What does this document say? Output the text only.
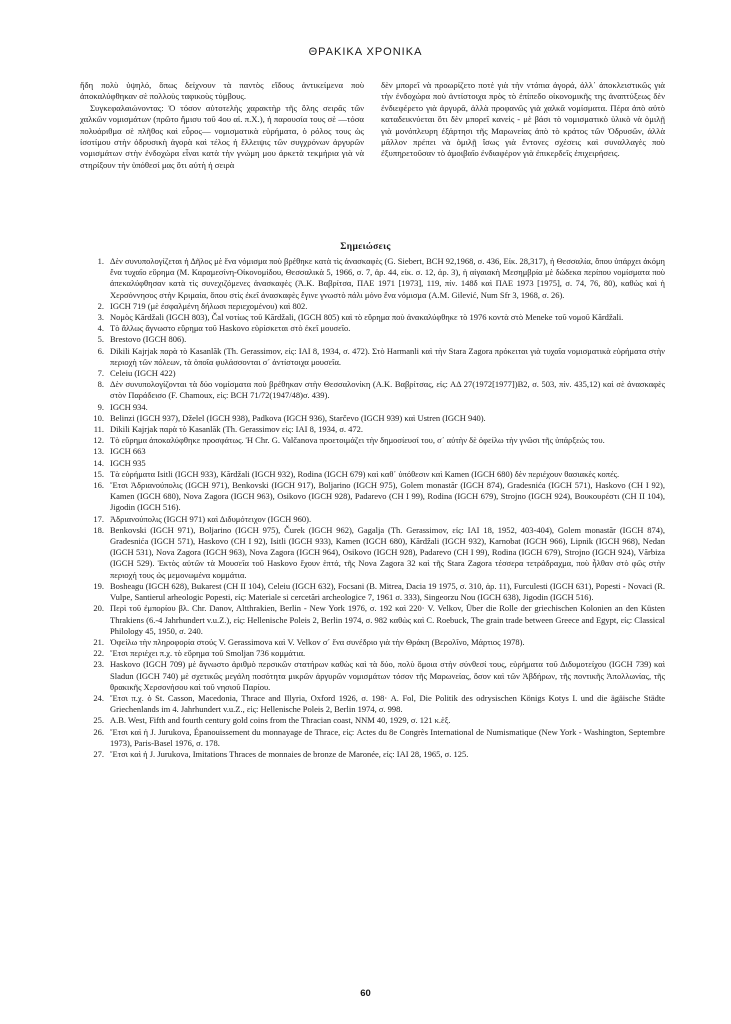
ΘΡΑΚΙΚΑ ΧΡΟΝΙΚΑ

ἤδη πολὺ ὑψηλό, ὅπως δείχνουν τὰ παντὸς εἴδους ἀντικείμενα ποὺ ἀποκαλύφθηκαν σὲ πολλοὺς ταφικοὺς τύμβους.

Συγκεφαλαιώνοντας: Ὁ τόσον αὐτοτελὴς χαρακτὴρ τῆς ὅλης σειρᾶς τῶν χαλκῶν νομισμάτων (πρῶτο ἥμισυ τοῦ 4ου αἰ. π.Χ.), ἡ παρουσία τους σὲ —τόσα πολυάριθμα σὲ πλῆθος καὶ εὖρος— νομισματικὰ εὑρήματα, ὁ ρόλος τους ὡς ἰσοτίμου στὴν ὀδρυσικὴ ἀγορὰ καὶ τέλος ἡ ἔλλειψις τῶν συγχρόνων ἀργυρῶν νομισμάτων στὴν ἐνδοχώρα εἶναι κατὰ τὴν γνώμη μου ἀρκετὰ τεκμήρια γιὰ νὰ στηρίξουν τὴν ὑπόθεσί μας ὅτι αὐτὴ ἡ σειρὰ

δὲν μπορεῖ νὰ προωρίζετο ποτὲ γιὰ τὴν ντόπια ἀγορά, ἀλλ᾽ ἀποκλειστικῶς γιὰ τὴν ἐνδοχώρα ποὺ ἀντίστοιχα πρὸς τὸ ἐπίπεδο οἰκονομικῆς της ἀναπτύξεως δὲν ἐνδιεφέρετο γιὰ ἀργυρᾶ, ἀλλὰ προφανῶς γιὰ χαλκᾶ νομίσματα. Πέρα ἀπὸ αὐτὸ καταδεικνύεται ὅτι δὲν μπορεῖ κανεὶς - μὲ βάσι τὸ νομισματικὸ ὑλικὸ νὰ ὁμιλῇ γιὰ μονόπλευρη ἐξάρτησι τῆς Μαρωνείας ἀπὸ τὸ κράτος τῶν Ὀδρυσῶν, ἀλλὰ μᾶλλον πρέπει νὰ ὁμιλῇ ἴσως γιὰ ἔντονες σχέσεις καὶ συναλλαγὲς ποὺ ἐξυπηρετοῦσαν τὸ ἀμοιβαῖο ἐνδιαφέρον γιὰ ἐπικερδεῖς ἐπιχειρήσεις.

Σημειώσεις
1. Δὲν συνυπολογίζεται ἡ Δῆλος μὲ ἕνα νόμισμα ποὺ βρέθηκε κατὰ τὶς ἀνασκαφὲς (G. Siebert, BCH 92,1968, σ. 436, Εἰκ. 28,317), ἡ Θεσσαλία, ὅπου ὑπάρχει ἀκόμη ἕνα τυχαῖο εὕρημα (Μ. Καραμεσίνη-Οἰκονομίδου, Θεσσαλικὰ 5, 1966, σ. 7, ἀρ. 44, εἰκ. σ. 12, ἀρ. 3), ἡ αἰγαιακὴ Μεσημβρία μὲ δώδεκα περίπου νομίσματα ποὺ ἀπεκαλύφθησαν κατὰ τὶς συνεχιζόμενες ἀνασκαφὲς (Ἀ.Κ. Βαβρίτσα, ΠΑΕ 1971 [1973], 119, πίν. 148δ καὶ ΠΑΕ 1973 [1975], σ. 74, 76, 80), καθὼς καὶ ἡ Χερσόννησος στὴν Κριμαία, ὅπου στὶς ἐκεῖ ἀνασκαφὲς ἔγινε γνωστὸ πάλι μόνο ἕνα νόμισμα (A.M. Gilević, Num Sfr 3, 1968, σ. 26).
2. IGCH 719 (μὲ ἐσφαλμένη δήλωσι περιεχομένου) καὶ 802.
3. Νομὸς Kărdžali (IGCH 803), Čal νοτίως τοῦ Kărdžali, (IGCH 805) καὶ τὸ εὕρημα ποὺ ἀνακαλύφθηκε τὸ 1976 κοντὰ στὸ Meneke τοῦ νομοῦ Kărdžali.
4. Τὸ ἄλλως ἄγνωστο εὕρημα τοῦ Haskovo εὑρίσκεται στὸ ἐκεῖ μουσεῖο.
5. Brestovo (IGCH 806).
6. Dikili Kajrjak παρὰ τὸ Kasanlăk (Th. Gerassimov, εἰς: IAI 8, 1934, σ. 472). Στὸ Harmanli καὶ τὴν Stara Zagora πρόκειται γιὰ τυχαῖα νομισματικὰ εὑρήματα στὴν περιοχὴ τῶν πόλεων, τὰ ὁποῖα φυλάσσονται σ᾽ ἀντίστοιχα μουσεῖα.
7. Celeiu (IGCH 422)
8. Δὲν συνυπολογίζονται τὰ δύο νομίσματα ποὺ βρέθηκαν στὴν Θεσσαλονίκη (Α.Κ. Βαβρίτσας, εἰς: ΑΔ 27(1972[1977])Β2, σ. 503, πίν. 435,12) καὶ σὲ ἀνασκαφὲς στὸν Παράδεισο (F. Chamoux, εἰς: BCH 71/72(1947/48)σ. 439).
9. IGCH 934.
10. Belinzi (IGCH 937), Dželel (IGCH 938), Padkova (IGCH 936), Starčevo (IGCH 939) καὶ Ustren (IGCH 940).
11. Dikili Kajrjak παρὰ τὸ Kasanlăk (Th. Gerassimov εἰς: IAI 8, 1934, σ. 472.
12. Τὸ εὕρημα ἀποκαλύφθηκε προσφάτως. Ἡ Chr. G. Valčanova προετοιμάζει τὴν δημοσίευσί του, σ᾽ αὐτὴν δὲ ὀφείλω τὴν γνῶσι τῆς ὑπάρξεώς του.
13. IGCH 663
14. IGCH 935
15. Τὰ εὑρήματα Isitli (IGCH 933), Kărdžali (IGCH 932), Rodina (IGCH 679) καὶ καθ᾽ ὑπόθεσιν καὶ Kamen (IGCH 680) δὲν περιέχουν θασιακὲς κοπές.
16. Ἔτσι Ἀδριανούπολις (IGCH 971), Benkovski (IGCH 917), Boljarino (IGCH 975), Golem monastăr (IGCH 874), Gradesnića (IGCH 571), Haskovo (CH I 92), Kamen (IGCH 680), Nova Zagora (IGCH 963), Osikovo (IGCH 928), Padarevo (CH I 99), Rodina (IGCH 679), Strojno (IGCH 924), Βουκουρέστι (CH II 104), Jigodin (IGCH 516).
17. Ἀδριανούπολις (IGCH 971) καὶ Διδυμότειχον (IGCH 960).
18. Benkovski (IGCH 971), Boljarino (IGCH 975), Čurek (IGCH 962), Gagalja (Th. Gerassimov, εἰς: IAI 18, 1952, 403-404), Golem monastăr (IGCH 874), Gradesnića (IGCH 571), Haskovo (CH I 92), Isitli (IGCH 933), Kamen (IGCH 680), Kărdžali (IGCH 932), Karnobat (IGCH 966), Lipnik (IGCH 968), Nedan (IGCH 531), Nova Zagora (IGCH 963), Nova Zagora (IGCH 964), Osikovo (IGCH 928), Padarevo (CH I 99), Rodina (IGCH 679), Strojno (IGCH 924), Vărbiza (IGCH 529). Ἐκτὸς αὐτῶν τὰ Μουσεῖα τοῦ Haskovo ἔχουν ἑπτά, τῆς Nova Zagora 32 καὶ τῆς Stara Zagora τέσσερα τετράδραχμα, ποὺ ἦλθαν στὸ φῶς στὴν περιοχή τους ὡς μεμονωμένα κομμάτια.
19. Bosheagu (IGCH 628), Bukarest (CH II 104), Celeiu (IGCH 632), Focsani (B. Mitrea, Dacia 19 1975, σ. 310, ἀρ. 11), Furculesti (IGCH 631), Popesti - Novaci (R. Vulpe, Santierul arheologic Popesti, εἰς: Materiale si cercetări archeologice 7, 1961 σ. 333), Singeorzu Nou (IGCH 638), Jigodin (IGCH 516).
20. Περὶ τοῦ ἐμπορίου βλ. Chr. Danov, Altthrakien, Berlin - New York 1976, σ. 192 καὶ 220· V. Velkov, Über die Rolle der griechischen Kolonien an den Küsten Thrakiens (6.-4 Jahrhundert v.u.Z.), εἰς: Hellenische Poleis 2, Berlin 1974, σ. 982 καθὼς καὶ C. Roebuck, The grain trade between Greece and Egypt, εἰς: Classical Philology 45, 1950, σ. 240.
21. Ὀφείλω τὴν πληροφορία στούς V. Gerassimova καὶ V. Velkov σ᾽ ἕνα συνέδριο γιὰ τὴν Θράκη (Βερολῖνο, Μάρτιος 1978).
22. Ἔτσι περιέχει π.χ. τὸ εὕρημα τοῦ Smoljan 736 κομμάτια.
23. Haskovo (IGCH 709) μὲ ἄγνωστο ἀριθμὸ περσικῶν στατήρων καθὼς καὶ τὰ δύο, πολὺ ὅμοια στὴν σύνθεσί τους, εὑρήματα τοῦ Διδυμοτείχου (IGCH 739) καὶ Sladun (IGCH 740) μὲ σχετικῶς μεγάλη ποσότητα μικρῶν ἀργυρῶν νομισμάτων τόσον τῆς Μαρωνείας, ὅσον καὶ τῶν Ἀβδήρων, τῆς ποντικῆς Ἀπολλωνίας, τῆς θρακικῆς Χερσονήσου καὶ τοῦ νησιοῦ Παρίου.
24. Ἔτσι π.χ. ὁ St. Casson, Macedonia, Thrace and Illyria, Oxford 1926, σ. 198· A. Fol, Die Politik des odrysischen Königs Kotys I. und die ägäische Städte Griechenlands im 4. Jahrhundert v.u.Z., εἰς: Hellenische Poleis 2, Berlin 1974, σ. 998.
25. A.B. West, Fifth and fourth century gold coins from the Thracian coast, NNM 40, 1929, σ. 121 κ.ἑξ.
26. Ἔτσι καὶ ἡ J. Jurukova, Épanouissement du monnayage de Thrace, εἰς: Actes du 8e Congrès International de Numismatique (New York - Washington, Septembre 1973), Paris-Basel 1976, σ. 178.
27. Ἔτσι καὶ ἡ J. Jurukova, Imitations Thraces de monnaies de bronze de Maronée, εἰς: IAI 28, 1965, σ. 125.
60
